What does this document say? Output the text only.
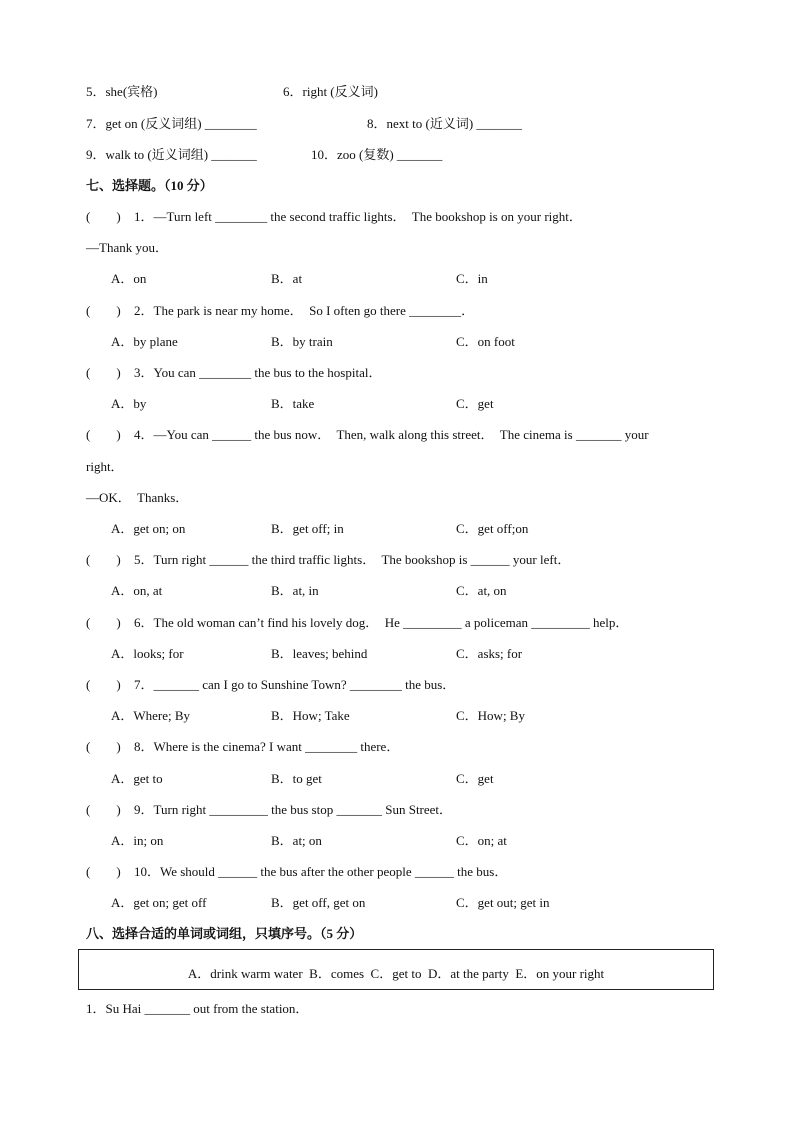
5．she(宾格)	6．right (反义词)
7．get on (反义词组) ________	8．next to (近义词) _______
9．walk to (近义词组) _______	10．zoo (复数) _______
七、选择题。（10 分）
(        ) 1．—Turn left ________ the second traffic lights．  The bookshop is on your right．
—Thank you．
A．on	B．at	C．in
(        ) 2．The park is near my home．  So I often go there ________．
A．by plane	B．by train	C．on foot
(        ) 3．You can ________ the bus to the hospital．
A．by	B．take	C．get
(        ) 4．—You can ______ the bus now．  Then, walk along this street．  The cinema is _______ your
right．
—OK．  Thanks．
A．get on; on	B．get off; in	C．get off;on
(        ) 5．Turn right ______ the third traffic lights．  The bookshop is ______ your left．
A．on, at	B．at, in	C．at, on
(        ) 6．The old woman can’t find his lovely dog．  He _________ a policeman _________ help．
A．looks; for	B．leaves; behind	C．asks; for
(        ) 7．_______ can I go to Sunshine Town? ________ the bus．
A．Where; By	B．How; Take	C．How; By
(        ) 8．Where is the cinema? I want ________ there．
A．get to	B．to get	C．get
(        ) 9．Turn right _________ the bus stop _______ Sun Street．
A．in; on	B．at; on	C．on; at
(        ) 10．We should ______ the bus after the other people ______ the bus．
A．get on; get off	B．get off, get on	C．get out; get in
八、选择合适的单词或词组，只填序号。（5 分）
A．drink warm water  B．comes  C．get to  D．at the party  E．on your right
1．Su Hai _______ out from the station．
